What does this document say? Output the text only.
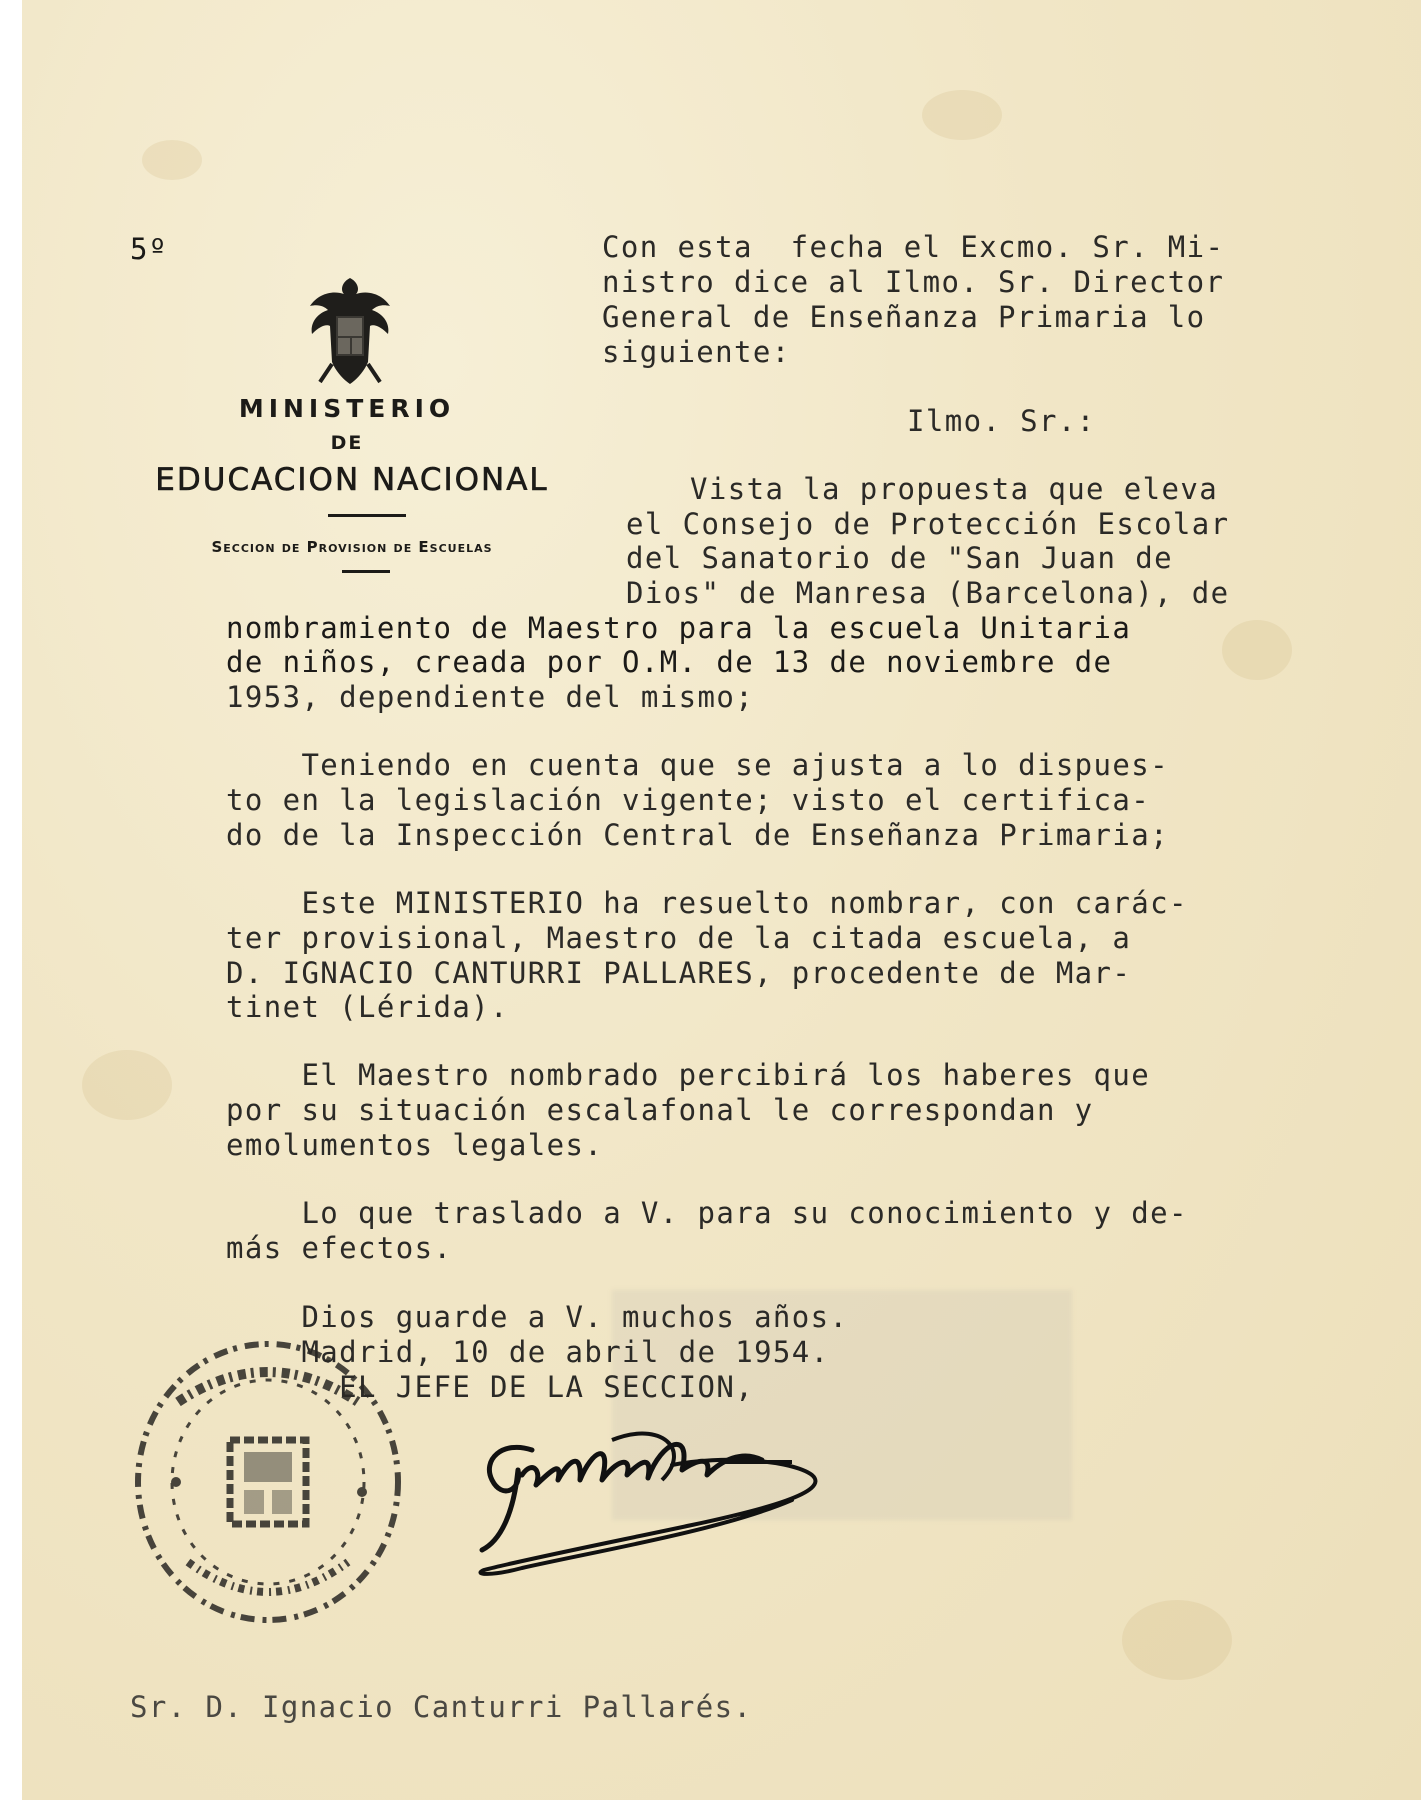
5º
MINISTERIO
DE
EDUCACION NACIONAL
Seccion de Provision de Escuelas
Con esta  fecha el Excmo. Sr. Mi-
nistro dice al Ilmo. Sr. Director
General de Enseñanza Primaria lo
siguiente:
Ilmo. Sr.:
Vista la propuesta que eleva
el Consejo de Protección Escolar
del Sanatorio de "San Juan de
Dios" de Manresa (Barcelona), de
nombramiento de Maestro para la escuela Unitaria
de niños, creada por O.M. de 13 de noviembre de
1953, dependiente del mismo;
Teniendo en cuenta que se ajusta a lo dispues-
to en la legislación vigente; visto el certifica-
do de la Inspección Central de Enseñanza Primaria;
Este MINISTERIO ha resuelto nombrar, con carác-
ter provisional, Maestro de la citada escuela, a
D. IGNACIO CANTURRI PALLARES, procedente de Mar-
tinet (Lérida).
El Maestro nombrado percibirá los haberes que
por su situación escalafonal le correspondan y
emolumentos legales.
Lo que traslado a V. para su conocimiento y de-
más efectos.
Dios guarde a V. muchos años.
Madrid, 10 de abril de 1954.
EL JEFE DE LA SECCION,
Sr. D. Ignacio Canturri Pallarés.
